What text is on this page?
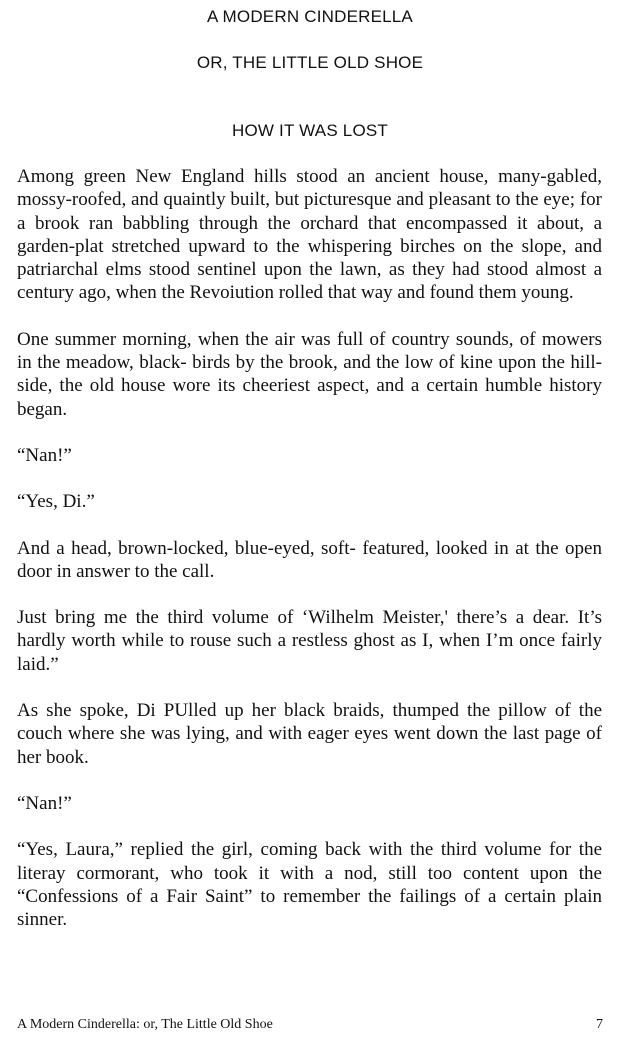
A MODERN CINDERELLA
OR, THE LITTLE OLD SHOE
HOW IT WAS LOST

Among green New England hills stood an ancient house, many-gabled, mossy-roofed, and quaintly built, but picturesque and pleasant to the eye; for a brook ran babbling through the orchard that encompassed it about, a garden-plat stretched upward to the whispering birches on the slope, and patriarchal elms stood sentinel upon the lawn, as they had stood almost a century ago, when the Revoiution rolled that way and found them young.

One summer morning, when the air was full of country sounds, of mowers in the meadow, black- birds by the brook, and the low of kine upon the hill-side, the old house wore its cheeriest aspect, and a certain humble history began.

“Nan!”

“Yes, Di.”

And a head, brown-locked, blue-eyed, soft- featured, looked in at the open door in answer to the call.

Just bring me the third volume of ‘Wilhelm Meister,' there’s a dear. It’s hardly worth while to rouse such a restless ghost as I, when I’m once fairly laid.”

As she spoke, Di PUlled up her black braids, thumped the pillow of the couch where she was lying, and with eager eyes went down the last page of her book.

“Nan!”

“Yes, Laura,” replied the girl, coming back with the third volume for the literay cormorant, who took it with a nod, still too content upon the “Confessions of a Fair Saint” to remember the failings of a certain plain sinner.

A Modern Cinderella: or, The Little Old Shoe	7
